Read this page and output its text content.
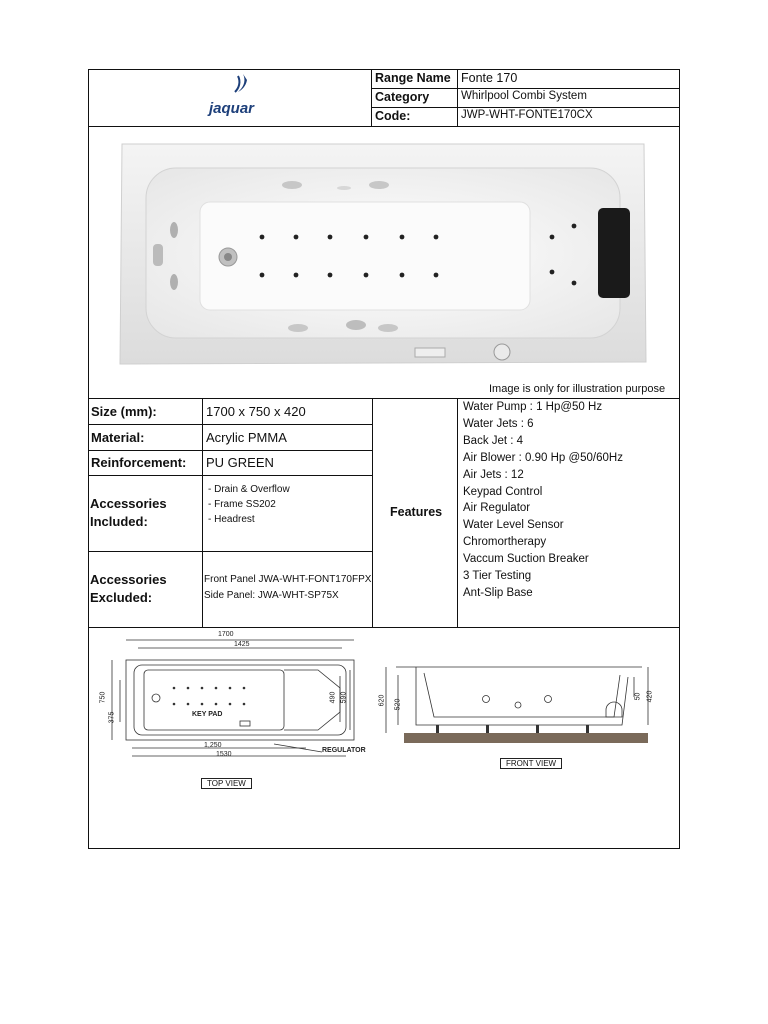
jaquar
Range Name Fonte 170
Category	Whirlpool Combi System
Code:	JWP-WHT-FONTE170CX
Image is only for illustration purpose
Size (mm):	1700 x 750 x 420
Material:	Acrylic PMMA
Reinforcement:	PU GREEN
Accessories
Included:
- Drain & Overflow
- Frame SS202
- Headrest
Accessories
Excluded:
Front Panel JWA-WHT-FONT170FPX
Side Panel: JWA-WHT-SP75X
Features
Water Pump : 1 Hp@50 Hz
Water Jets : 6
Back Jet : 4
Air Blower : 0.90 Hp @50/60Hz
Air Jets : 12
Keypad Control
Air Regulator
Water Level Sensor
Chromortherapy
Vaccum Suction Breaker
3 Tier Testing
Ant-Slip Base
1700
1425
1,250
1530
750
375
490 590
KEY PAD
REGULATOR
TOP VIEW
620 520
50 420
FRONT VIEW
